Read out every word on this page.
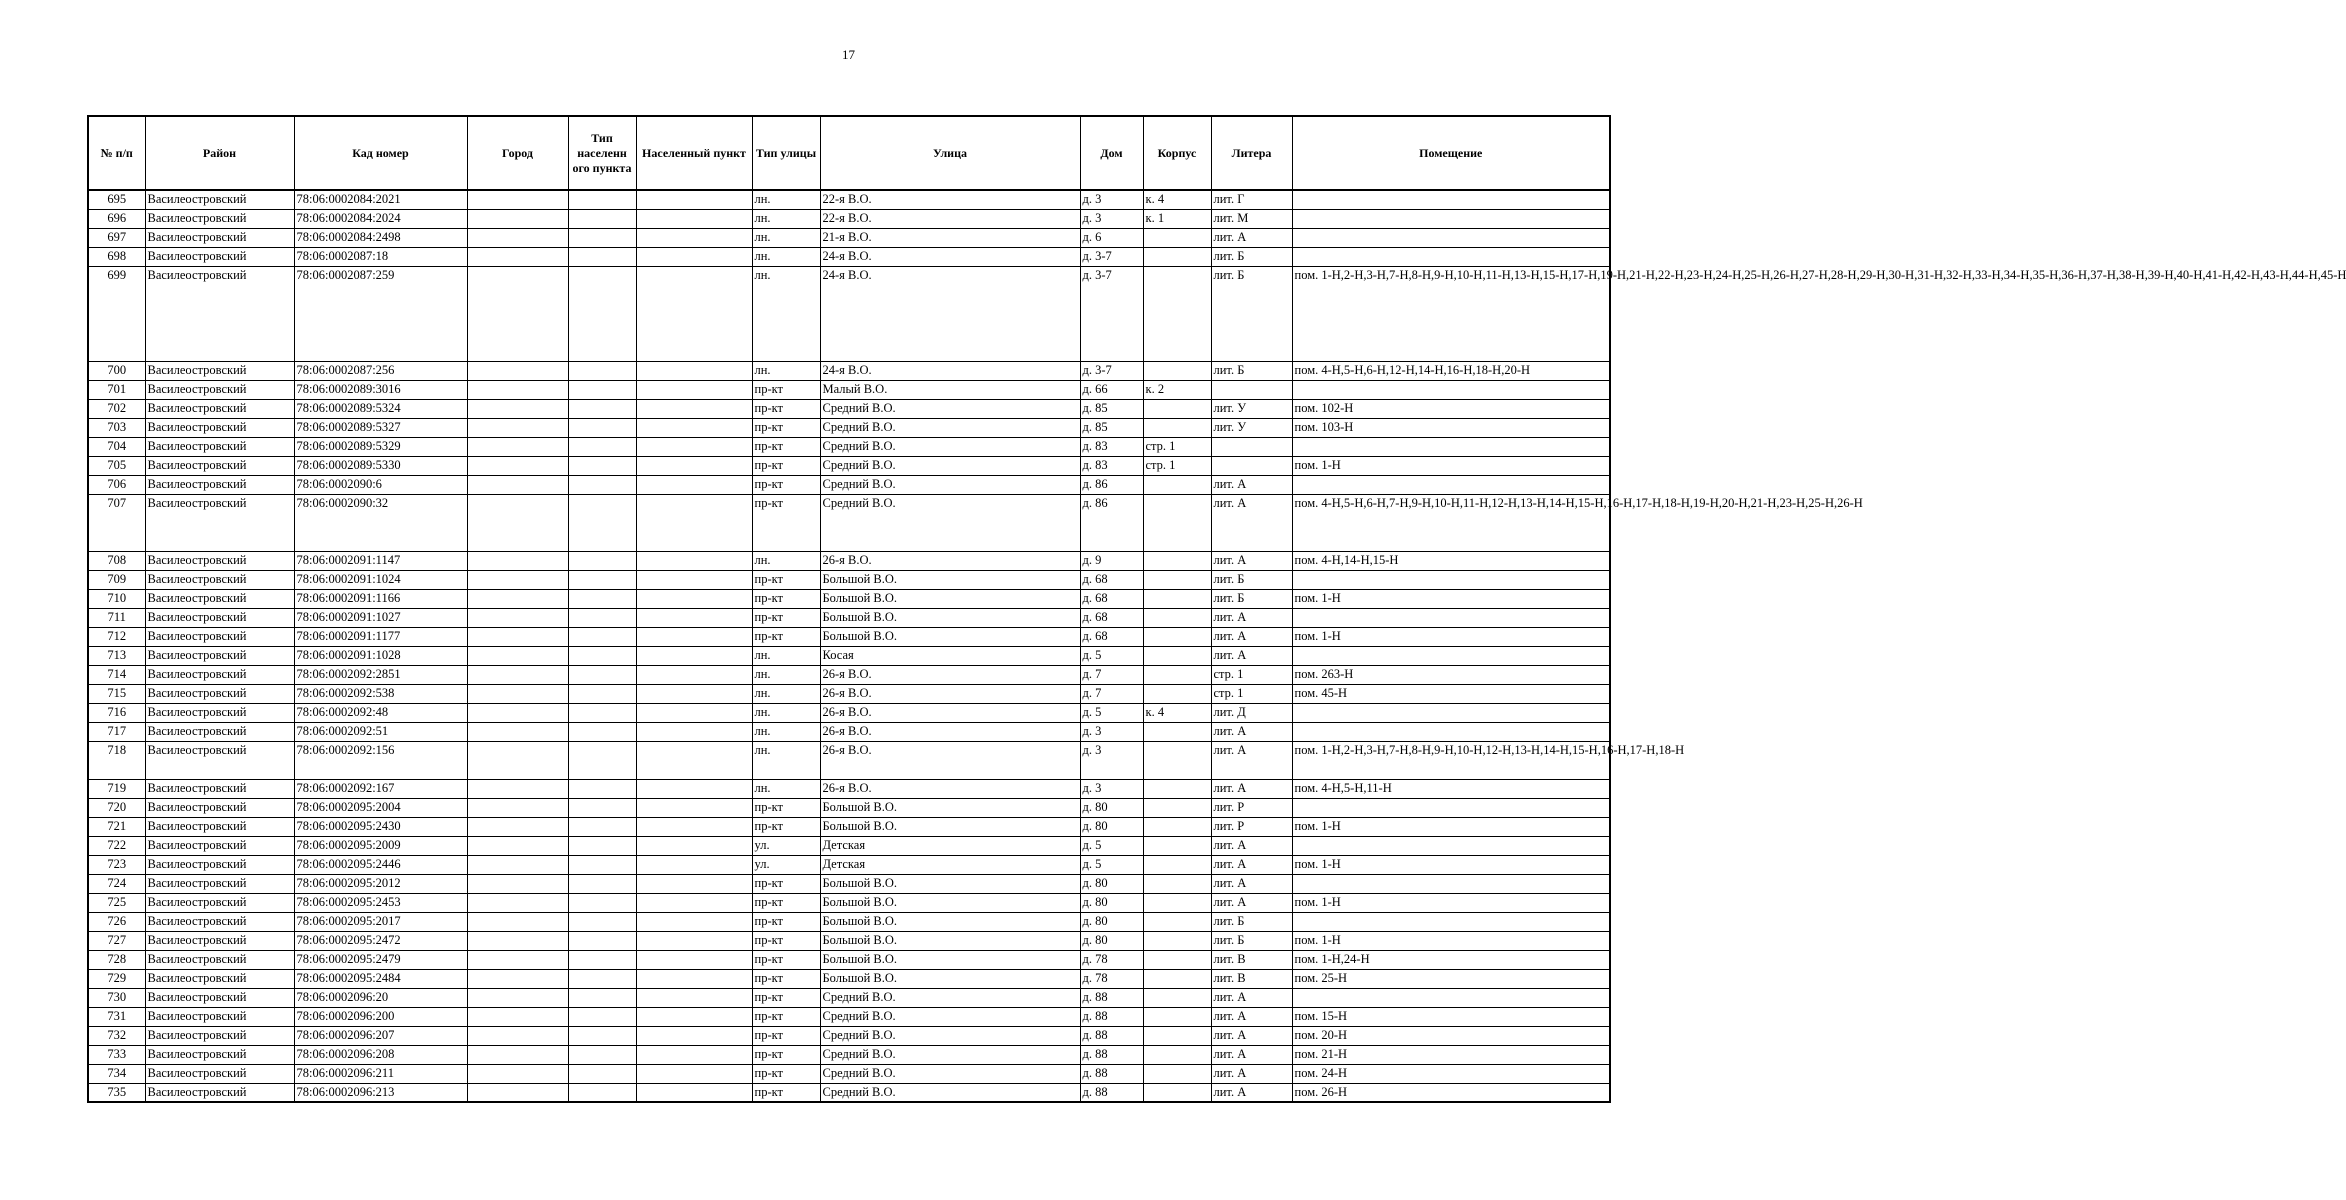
17
№ п/п	Район	Кад номер	Город	Тип населенн ого пункта	Населенный пункт	Тип улицы	Улица	Дом	Корпус	Литера	Помещение
695	Василеостровский	78:06:0002084:2021				лн.	22-я В.О.	д. 3	к. 4	лит. Г	
696	Василеостровский	78:06:0002084:2024				лн.	22-я В.О.	д. 3	к. 1	лит. М	
697	Василеостровский	78:06:0002084:2498				лн.	21-я В.О.	д. 6		лит. А	
698	Василеостровский	78:06:0002087:18				лн.	24-я В.О.	д. 3-7		лит. Б	
699	Василеостровский	78:06:0002087:259				лн.	24-я В.О.	д. 3-7		лит. Б	пом. 1-Н,2-Н,3-Н,7-Н,8-Н,9-Н,10-Н,11-Н,13-Н,15-Н,17-Н,19-Н,21-Н,22-Н,23-Н,24-Н,25-Н,26-Н,27-Н,28-Н,29-Н,30-Н,31-Н,32-Н,33-Н,34-Н,35-Н,36-Н,37-Н,38-Н,39-Н,40-Н,41-Н,42-Н,43-Н,44-Н,45-Н
700	Василеостровский	78:06:0002087:256				лн.	24-я В.О.	д. 3-7		лит. Б	пом. 4-Н,5-Н,6-Н,12-Н,14-Н,16-Н,18-Н,20-Н
701	Василеостровский	78:06:0002089:3016				пр-кт	Малый В.О.	д. 66	к. 2		
702	Василеостровский	78:06:0002089:5324				пр-кт	Средний В.О.	д. 85		лит. У	пом. 102-Н
703	Василеостровский	78:06:0002089:5327				пр-кт	Средний В.О.	д. 85		лит. У	пом. 103-Н
704	Василеостровский	78:06:0002089:5329				пр-кт	Средний В.О.	д. 83	стр. 1		
705	Василеостровский	78:06:0002089:5330				пр-кт	Средний В.О.	д. 83	стр. 1		пом. 1-Н
706	Василеостровский	78:06:0002090:6				пр-кт	Средний В.О.	д. 86		лит. А	
707	Василеостровский	78:06:0002090:32				пр-кт	Средний В.О.	д. 86		лит. А	пом. 4-Н,5-Н,6-Н,7-Н,9-Н,10-Н,11-Н,12-Н,13-Н,14-Н,15-Н,16-Н,17-Н,18-Н,19-Н,20-Н,21-Н,23-Н,25-Н,26-Н
708	Василеостровский	78:06:0002091:1147				лн.	26-я В.О.	д. 9		лит. А	пом. 4-Н,14-Н,15-Н
709	Василеостровский	78:06:0002091:1024				пр-кт	Большой В.О.	д. 68		лит. Б	
710	Василеостровский	78:06:0002091:1166				пр-кт	Большой В.О.	д. 68		лит. Б	пом. 1-Н
711	Василеостровский	78:06:0002091:1027				пр-кт	Большой В.О.	д. 68		лит. А	
712	Василеостровский	78:06:0002091:1177				пр-кт	Большой В.О.	д. 68		лит. А	пом. 1-Н
713	Василеостровский	78:06:0002091:1028				лн.	Косая	д. 5		лит. А	
714	Василеостровский	78:06:0002092:2851				лн.	26-я В.О.	д. 7		стр. 1	пом. 263-Н
715	Василеостровский	78:06:0002092:538				лн.	26-я В.О.	д. 7		стр. 1	пом. 45-Н
716	Василеостровский	78:06:0002092:48				лн.	26-я В.О.	д. 5	к. 4	лит. Д	
717	Василеостровский	78:06:0002092:51				лн.	26-я В.О.	д. 3		лит. А	
718	Василеостровский	78:06:0002092:156				лн.	26-я В.О.	д. 3		лит. А	пом. 1-Н,2-Н,3-Н,7-Н,8-Н,9-Н,10-Н,12-Н,13-Н,14-Н,15-Н,16-Н,17-Н,18-Н
719	Василеостровский	78:06:0002092:167				лн.	26-я В.О.	д. 3		лит. А	пом. 4-Н,5-Н,11-Н
720	Василеостровский	78:06:0002095:2004				пр-кт	Большой В.О.	д. 80		лит. Р	
721	Василеостровский	78:06:0002095:2430				пр-кт	Большой В.О.	д. 80		лит. Р	пом. 1-Н
722	Василеостровский	78:06:0002095:2009				ул.	Детская	д. 5		лит. А	
723	Василеостровский	78:06:0002095:2446				ул.	Детская	д. 5		лит. А	пом. 1-Н
724	Василеостровский	78:06:0002095:2012				пр-кт	Большой В.О.	д. 80		лит. А	
725	Василеостровский	78:06:0002095:2453				пр-кт	Большой В.О.	д. 80		лит. А	пом. 1-Н
726	Василеостровский	78:06:0002095:2017				пр-кт	Большой В.О.	д. 80		лит. Б	
727	Василеостровский	78:06:0002095:2472				пр-кт	Большой В.О.	д. 80		лит. Б	пом. 1-Н
728	Василеостровский	78:06:0002095:2479				пр-кт	Большой В.О.	д. 78		лит. В	пом. 1-Н,24-Н
729	Василеостровский	78:06:0002095:2484				пр-кт	Большой В.О.	д. 78		лит. В	пом. 25-Н
730	Василеостровский	78:06:0002096:20				пр-кт	Средний В.О.	д. 88		лит. А	
731	Василеостровский	78:06:0002096:200				пр-кт	Средний В.О.	д. 88		лит. А	пом. 15-Н
732	Василеостровский	78:06:0002096:207				пр-кт	Средний В.О.	д. 88		лит. А	пом. 20-Н
733	Василеостровский	78:06:0002096:208				пр-кт	Средний В.О.	д. 88		лит. А	пом. 21-Н
734	Василеостровский	78:06:0002096:211				пр-кт	Средний В.О.	д. 88		лит. А	пом. 24-Н
735	Василеостровский	78:06:0002096:213				пр-кт	Средний В.О.	д. 88		лит. А	пом. 26-Н
